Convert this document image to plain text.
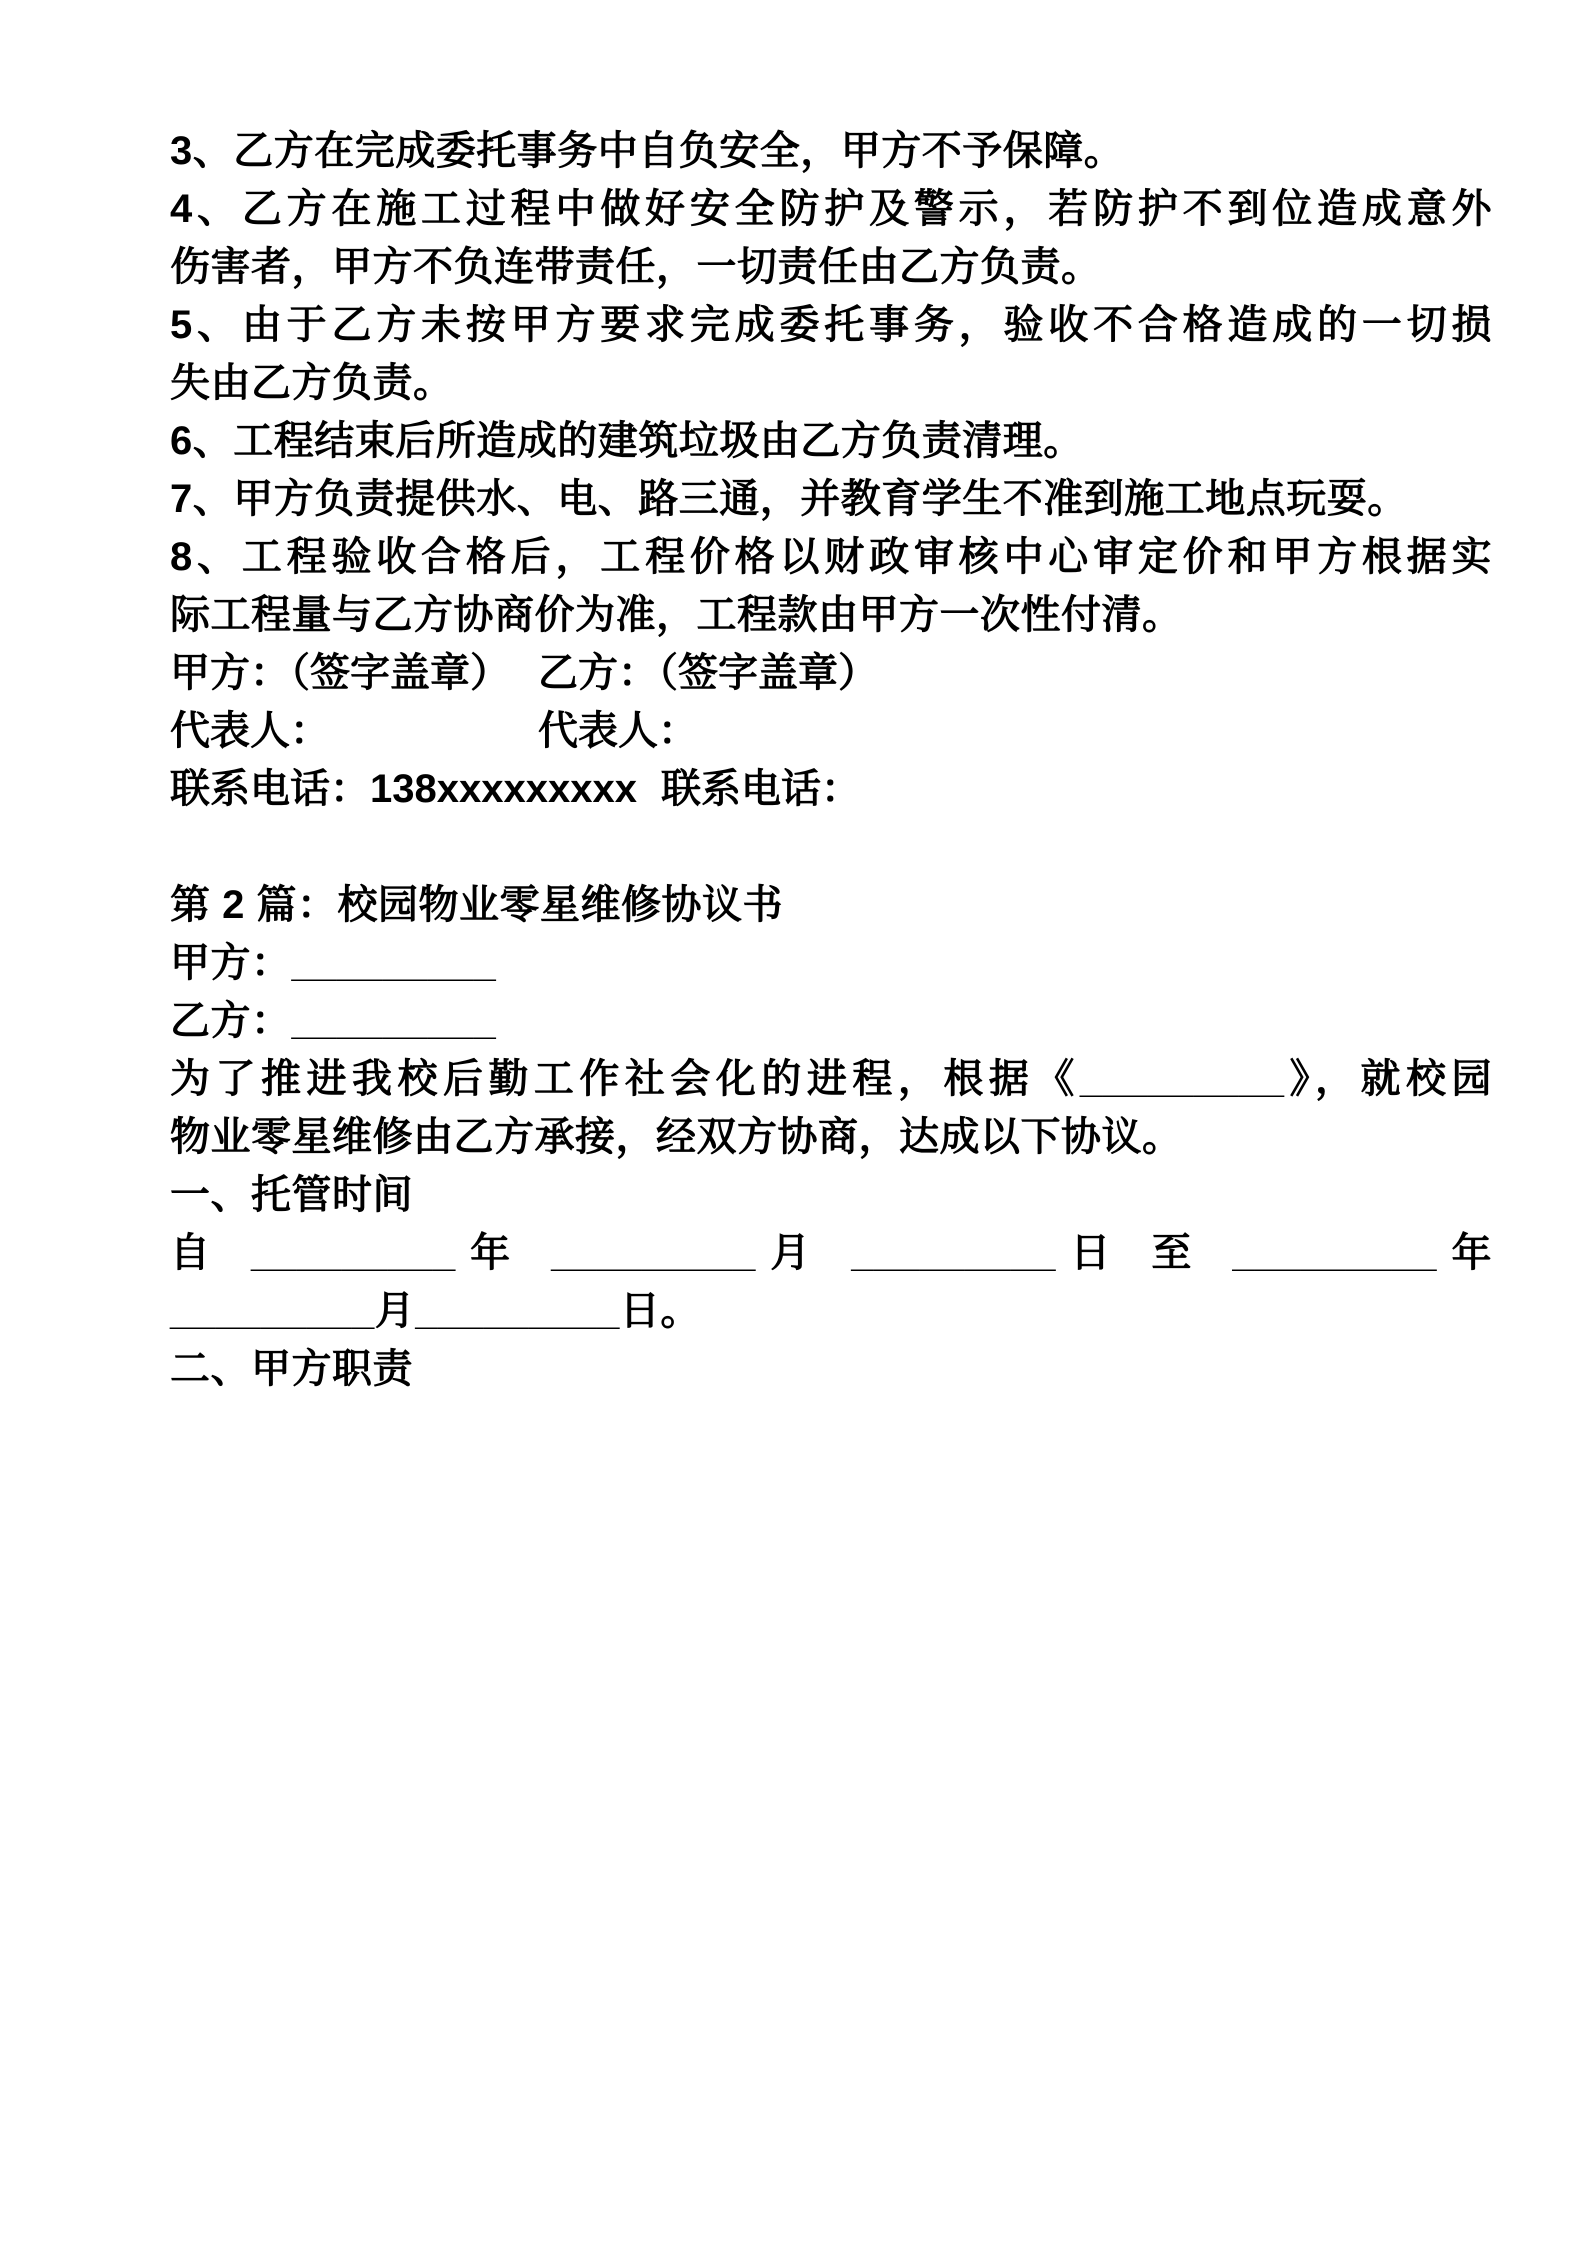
3、乙方在完成委托事务中自负安全，甲方不予保障。

4、乙方在施工过程中做好安全防护及警示，若防护不到位造成意外

伤害者，甲方不负连带责任，一切责任由乙方负责。

5、由于乙方未按甲方要求完成委托事务，验收不合格造成的一切损

失由乙方负责。

6、工程结束后所造成的建筑垃圾由乙方负责清理。

7、甲方负责提供水、电、路三通，并教育学生不准到施工地点玩耍。

8、工程验收合格后，工程价格以财政审核中心审定价和甲方根据实

际工程量与乙方协商价为准，工程款由甲方一次性付清。

甲方：（签字盖章） 乙方：（签字盖章）
代表人：	代表人：
联系电话：138xxxxxxxxx 联系电话：

第 2 篇：校园物业零星维修协议书

甲方：_________

乙方：_________

为了推进我校后勤工作社会化的进程，根据《_________》，就校园

物业零星维修由乙方承接，经双方协商，达成以下协议。

一、托管时间

自 _________年 _________月 _________日 至 _________年

_________月_________日。

二、甲方职责
